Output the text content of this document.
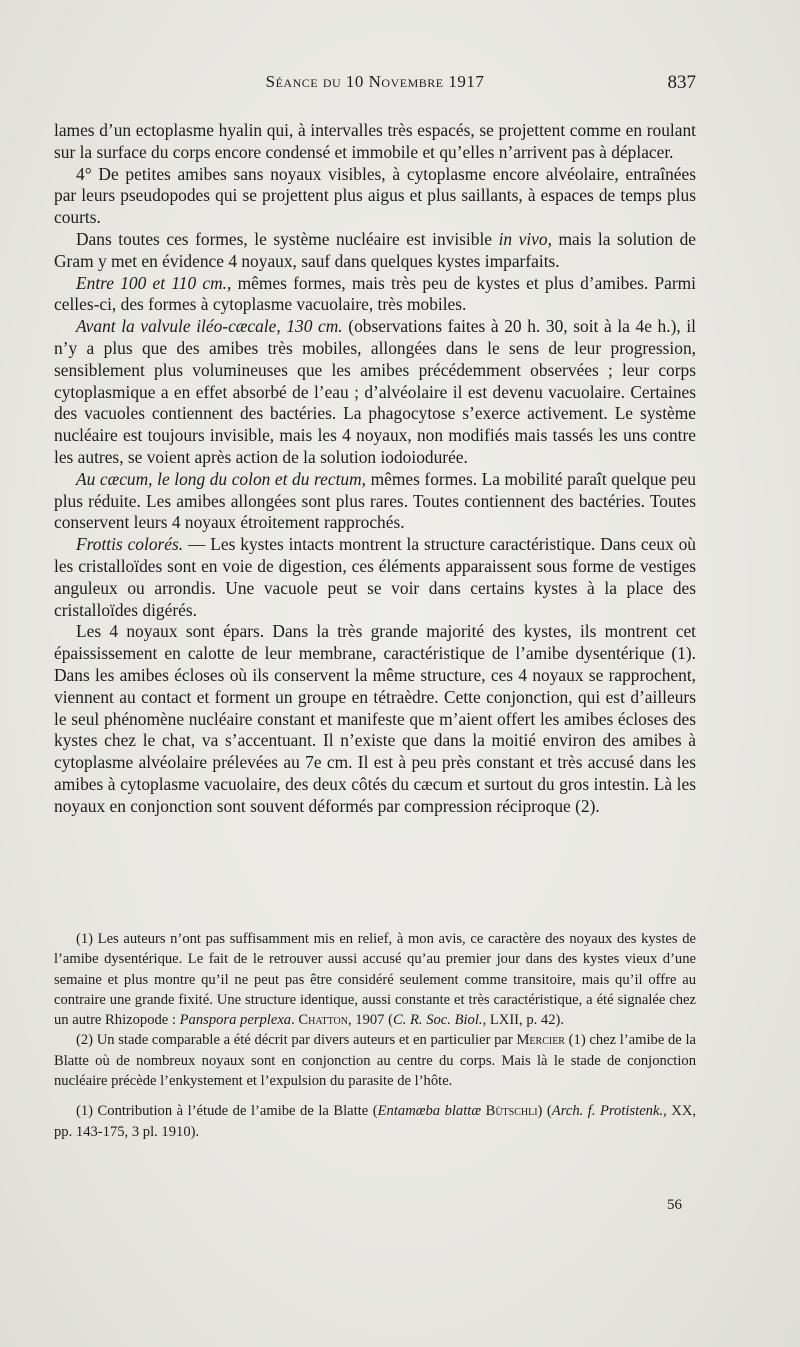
Séance du 10 Novembre 1917	837

lames d’un ectoplasme hyalin qui, à intervalles très espacés, se projettent comme en roulant sur la surface du corps encore condensé et immobile et qu’elles n’arrivent pas à déplacer.

4° De petites amibes sans noyaux visibles, à cytoplasme encore alvéolaire, entraînées par leurs pseudopodes qui se projettent plus aigus et plus saillants, à espaces de temps plus courts.

Dans toutes ces formes, le système nucléaire est invisible in vivo, mais la solution de Gram y met en évidence 4 noyaux, sauf dans quelques kystes imparfaits.

Entre 100 et 110 cm., mêmes formes, mais très peu de kystes et plus d’amibes. Parmi celles-ci, des formes à cytoplasme vacuolaire, très mobiles.

Avant la valvule iléo-cæcale, 130 cm. (observations faites à 20 h. 30, soit à la 4e h.), il n’y a plus que des amibes très mobiles, allongées dans le sens de leur progression, sensiblement plus volumineuses que les amibes précédemment observées ; leur corps cytoplasmique a en effet absorbé de l’eau ; d’alvéolaire il est devenu vacuolaire. Certaines des vacuoles contiennent des bactéries. La phagocytose s’exerce activement. Le système nucléaire est toujours invisible, mais les 4 noyaux, non modifiés mais tassés les uns contre les autres, se voient après action de la solution iodoiodurée.

Au cæcum, le long du colon et du rectum, mêmes formes. La mobilité paraît quelque peu plus réduite. Les amibes allongées sont plus rares. Toutes contiennent des bactéries. Toutes conservent leurs 4 noyaux étroitement rapprochés.

Frottis colorés. — Les kystes intacts montrent la structure caractéristique. Dans ceux où les cristalloïdes sont en voie de digestion, ces éléments apparaissent sous forme de vestiges anguleux ou arrondis. Une vacuole peut se voir dans certains kystes à la place des cristalloïdes digérés.

Les 4 noyaux sont épars. Dans la très grande majorité des kystes, ils montrent cet épaississement en calotte de leur membrane, caractéristique de l’amibe dysentérique (1). Dans les amibes écloses où ils conservent la même structure, ces 4 noyaux se rapprochent, viennent au contact et forment un groupe en tétraèdre. Cette conjonction, qui est d’ailleurs le seul phénomène nucléaire constant et manifeste que m’aient offert les amibes écloses des kystes chez le chat, va s’accentuant. Il n’existe que dans la moitié environ des amibes à cytoplasme alvéolaire prélevées au 7e cm. Il est à peu près constant et très accusé dans les amibes à cytoplasme vacuolaire, des deux côtés du cæcum et surtout du gros intestin. Là les noyaux en conjonction sont souvent déformés par compression réciproque (2).

(1) Les auteurs n’ont pas suffisamment mis en relief, à mon avis, ce caractère des noyaux des kystes de l’amibe dysentérique. Le fait de le retrouver aussi accusé qu’au premier jour dans des kystes vieux d’une semaine et plus montre qu’il ne peut pas être considéré seulement comme transitoire, mais qu’il offre au contraire une grande fixité. Une structure identique, aussi constante et très caractéristique, a été signalée chez un autre Rhizopode : Panspora perplexa. Chatton, 1907 (C. R. Soc. Biol., LXII, p. 42).

(2) Un stade comparable a été décrit par divers auteurs et en particulier par Mercier (1) chez l’amibe de la Blatte où de nombreux noyaux sont en conjonction au centre du corps. Mais là le stade de conjonction nucléaire précède l’enkystement et l’expulsion du parasite de l’hôte.

(1) Contribution à l’étude de l’amibe de la Blatte (Entamœba blattæ Bütschli) (Arch. f. Protistenk., XX, pp. 143-175, 3 pl. 1910).

56
